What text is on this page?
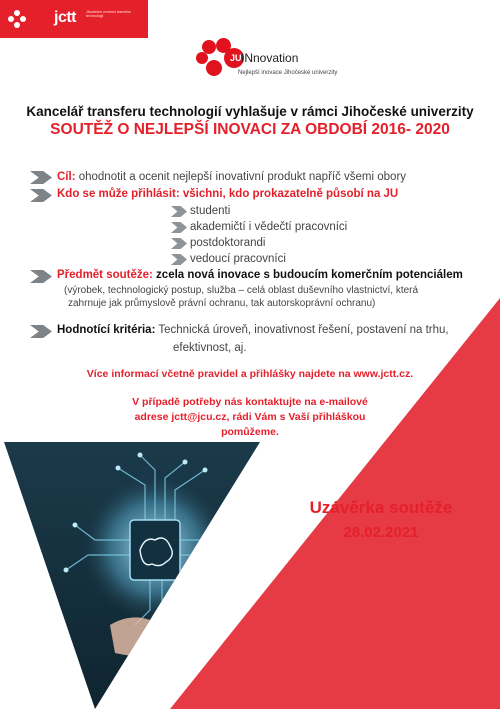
jctt	Jihočeské centrum transferu technologií
JU INnovation
Nejlepší inovace Jihočeské univerzity
Kancelář transferu technologií vyhlašuje v rámci Jihočeské univerzity
SOUTĚŽ O NEJLEPŠÍ INOVACI ZA OBDOBÍ 2016- 2020
Cíl: ohodnotit a ocenit nejlepší inovativní produkt napříč všemi obory
Kdo se může přihlásit: všichni, kdo prokazatelně působí na JU
studenti
akademičtí i vědečtí pracovníci
postdoktorandi
vedoucí pracovníci
Předmět soutěže: zcela nová inovace s budoucím komerčním potenciálem
(výrobek, technologický postup, služba – celá oblast duševního vlastnictví, která
zahrnuje jak průmyslově právní ochranu, tak autorskoprávní ochranu)
Hodnotící kritéria: Technická úroveň, inovativnost řešení, postavení na trhu,
efektivnost, aj.
Více informací včetně pravidel a přihlášky najdete na www.jctt.cz.
V případě potřeby nás kontaktujte na e-mailové
adrese jctt@jcu.cz, rádi Vám s Vaší přihláškou
pomůžeme.
Uzávěrka soutěže
28.02.2021
